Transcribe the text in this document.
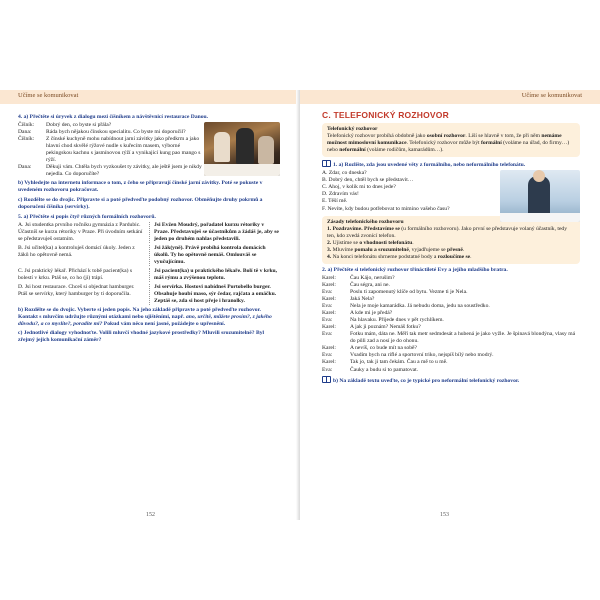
Učíme se komunikovat
4. a) Přečtěte si úryvek z dialogu mezi číšníkem a návštěvnicí restaurace Danou.
Číšník:	Dobrý den, co byste si přála?
Dana:	Ráda bych nějakou čínskou specialitu. Co byste mi doporučil?
Číšník:	Z čínské kuchyně mohu nabídnout jarní závitky jako předkrm a jako hlavní chod skvělé rýžové nudle s kuřecím masem, výborné pekingskou kachnu s jasmínovou rýží a vynikající kung pao mango s rýží.
Dana:	Děkuji vám. Chtěla bych vyzkoušet ty závitky, ale ještě jsem je nikdy nejedla. Co doporučíte?
b) Vyhledejte na internetu informace o tom, z čeho se připravují čínské jarní závitky. Poté se pokuste v uvedeném rozhovoru pokračovat.
c) Rozdělte se do dvojic. Připravte si a poté předveďte podobný rozhovor. Obměňujte druhy pokrmů a doporučení číšníka (servírky).
5. a) Přečtěte si popis čtyř různých formálních rozhovorů.
A. Jsi studentka prvního ročníku gymnázia z Pardubic. Účastníš se kurzu rétoriky v Praze. Při úvodním setkání se představuješ ostatním.
Jsi Evžen Moudrý, pořadatel kurzu rétoriky v Praze. Představuješ se účastníkům a žádáš je, aby se jeden po druhém nahlas představili.
B. Jsi učitel(ka) a kontroluješ domácí úkoly. Jeden z žáků ho opětovně nemá.
Jsi žák(yně). Právě probíhá kontrola domácích úkolů. Ty ho opětovně nemáš. Omlouváš se vyučujícímu.
C. Jsi praktický lékař. Přichází k tobě pacient(ka) s bolestí v krku. Ptáš se, co ho (ji) trápí.
Jsi pacient(ka) u praktického lékaře. Bolí tě v krku, máš rýmu a zvýšenou teplotu.
D. Jsi host restaurace. Chceš si objednat hamburger. Ptáš se servírky, který hamburger by ti doporučila.
Jsi servírka. Hostovi nabídneš Portobello burger. Obsahuje houbí maso, sýr čedar, rajčata a omáčku. Zeptáš se, zda si host přeje i hranolky.
b) Rozdělte se do dvojic. Vyberte si jeden popis. Na jeho základě připravte a poté předveďte rozhovor. Kontakt s mluvčím udržujte různými otázkami nebo ujištěními, např. ano, určitě, můžete prosím?, z jakého důvodu?, a co myslíte?, poradíte mi? Pokud vám něco není jasné, požádejte o upřesnění.
c) Jednotlivé dialogy vyhodnoťte. Volili mluvčí vhodné jazykové prostředky? Mluvili srozumitelně? Byl zřejmý jejich komunikační záměr?
152
Učíme se komunikovat
C. TELEFONICKÝ ROZHOVOR
Telefonický rozhovor
Telefonický rozhovor probíhá obdobně jako osobní rozhovor. Liší se hlavně v tom, že při něm nemáme možnost mimoslovní komunikace. Telefonický rozhovor může být formální (voláme na úřad, do firmy…) nebo neformální (voláme rodičům, kamarádům…).
1. a) Rozlište, zda jsou uvedené věty z formálního, nebo neformálního telefonátu.
A. Zdar, co dneska?
B. Dobrý den, chtěl bych se představit…
C. Ahoj, v kolik mi to dnes jede?
D. Zdravím vás!
E. Těší mě.
F. Nevíte, kdy budou potřebovat to mimino vašeho času?
Zásady telefonického rozhovoru
1. Pozdravíme. Představíme se (u formálního rozhovoru). Jako první se představuje volaný účastník, tedy ten, kdo zvedá zvonící telefon.
2. Ujistíme se o vhodnosti telefonátu.
3. Mluvíme pomalu a srozumitelně, vyjadřujeme se přesně.
4. Na konci telefonátu shrneme podstatné body a rozloučíme se.
2. a) Přečtěte si telefonický rozhovor třináctileté Evy a jejího mladšího bratra.
Karel:	Čau Kájo, nerušim?
Karel:	Čau ségra, ani ne.
Eva:	Poslu ti zapomenutý klíče od bytu. Vezme ti je Nela.
Karel:	Jaká Nela?
Eva:	Nela je moje kamarádka. Já nebudu doma, jedu na soustředko.
Karel:	A kde mi je předá?
Eva:	Na hlavaku. Přijede dnes v pět rychlíkem.
Karel:	A jak ji poznám? Nemáš fotku?
Eva:	Fotku mám, dáta ne. Měří tak metr sedmdesát a hubená je jako vyžle. Je špinavá blondýna, vlasy má do půli zad a nosí je do ohonu.
Karel:	A nevíš, co bude mít na sobě?
Eva:	Vsadím bych na riflé a sportovní triko, nejspíš bílý nebo modrý.
Karel:	Tak jo, tak ji tam čekám. Čau a mě to u mě.
Eva:	Čauky a budu si to pamatovat.
b) Na základě textu uveďte, co je typické pro neformální telefonický rozhovor.
153
